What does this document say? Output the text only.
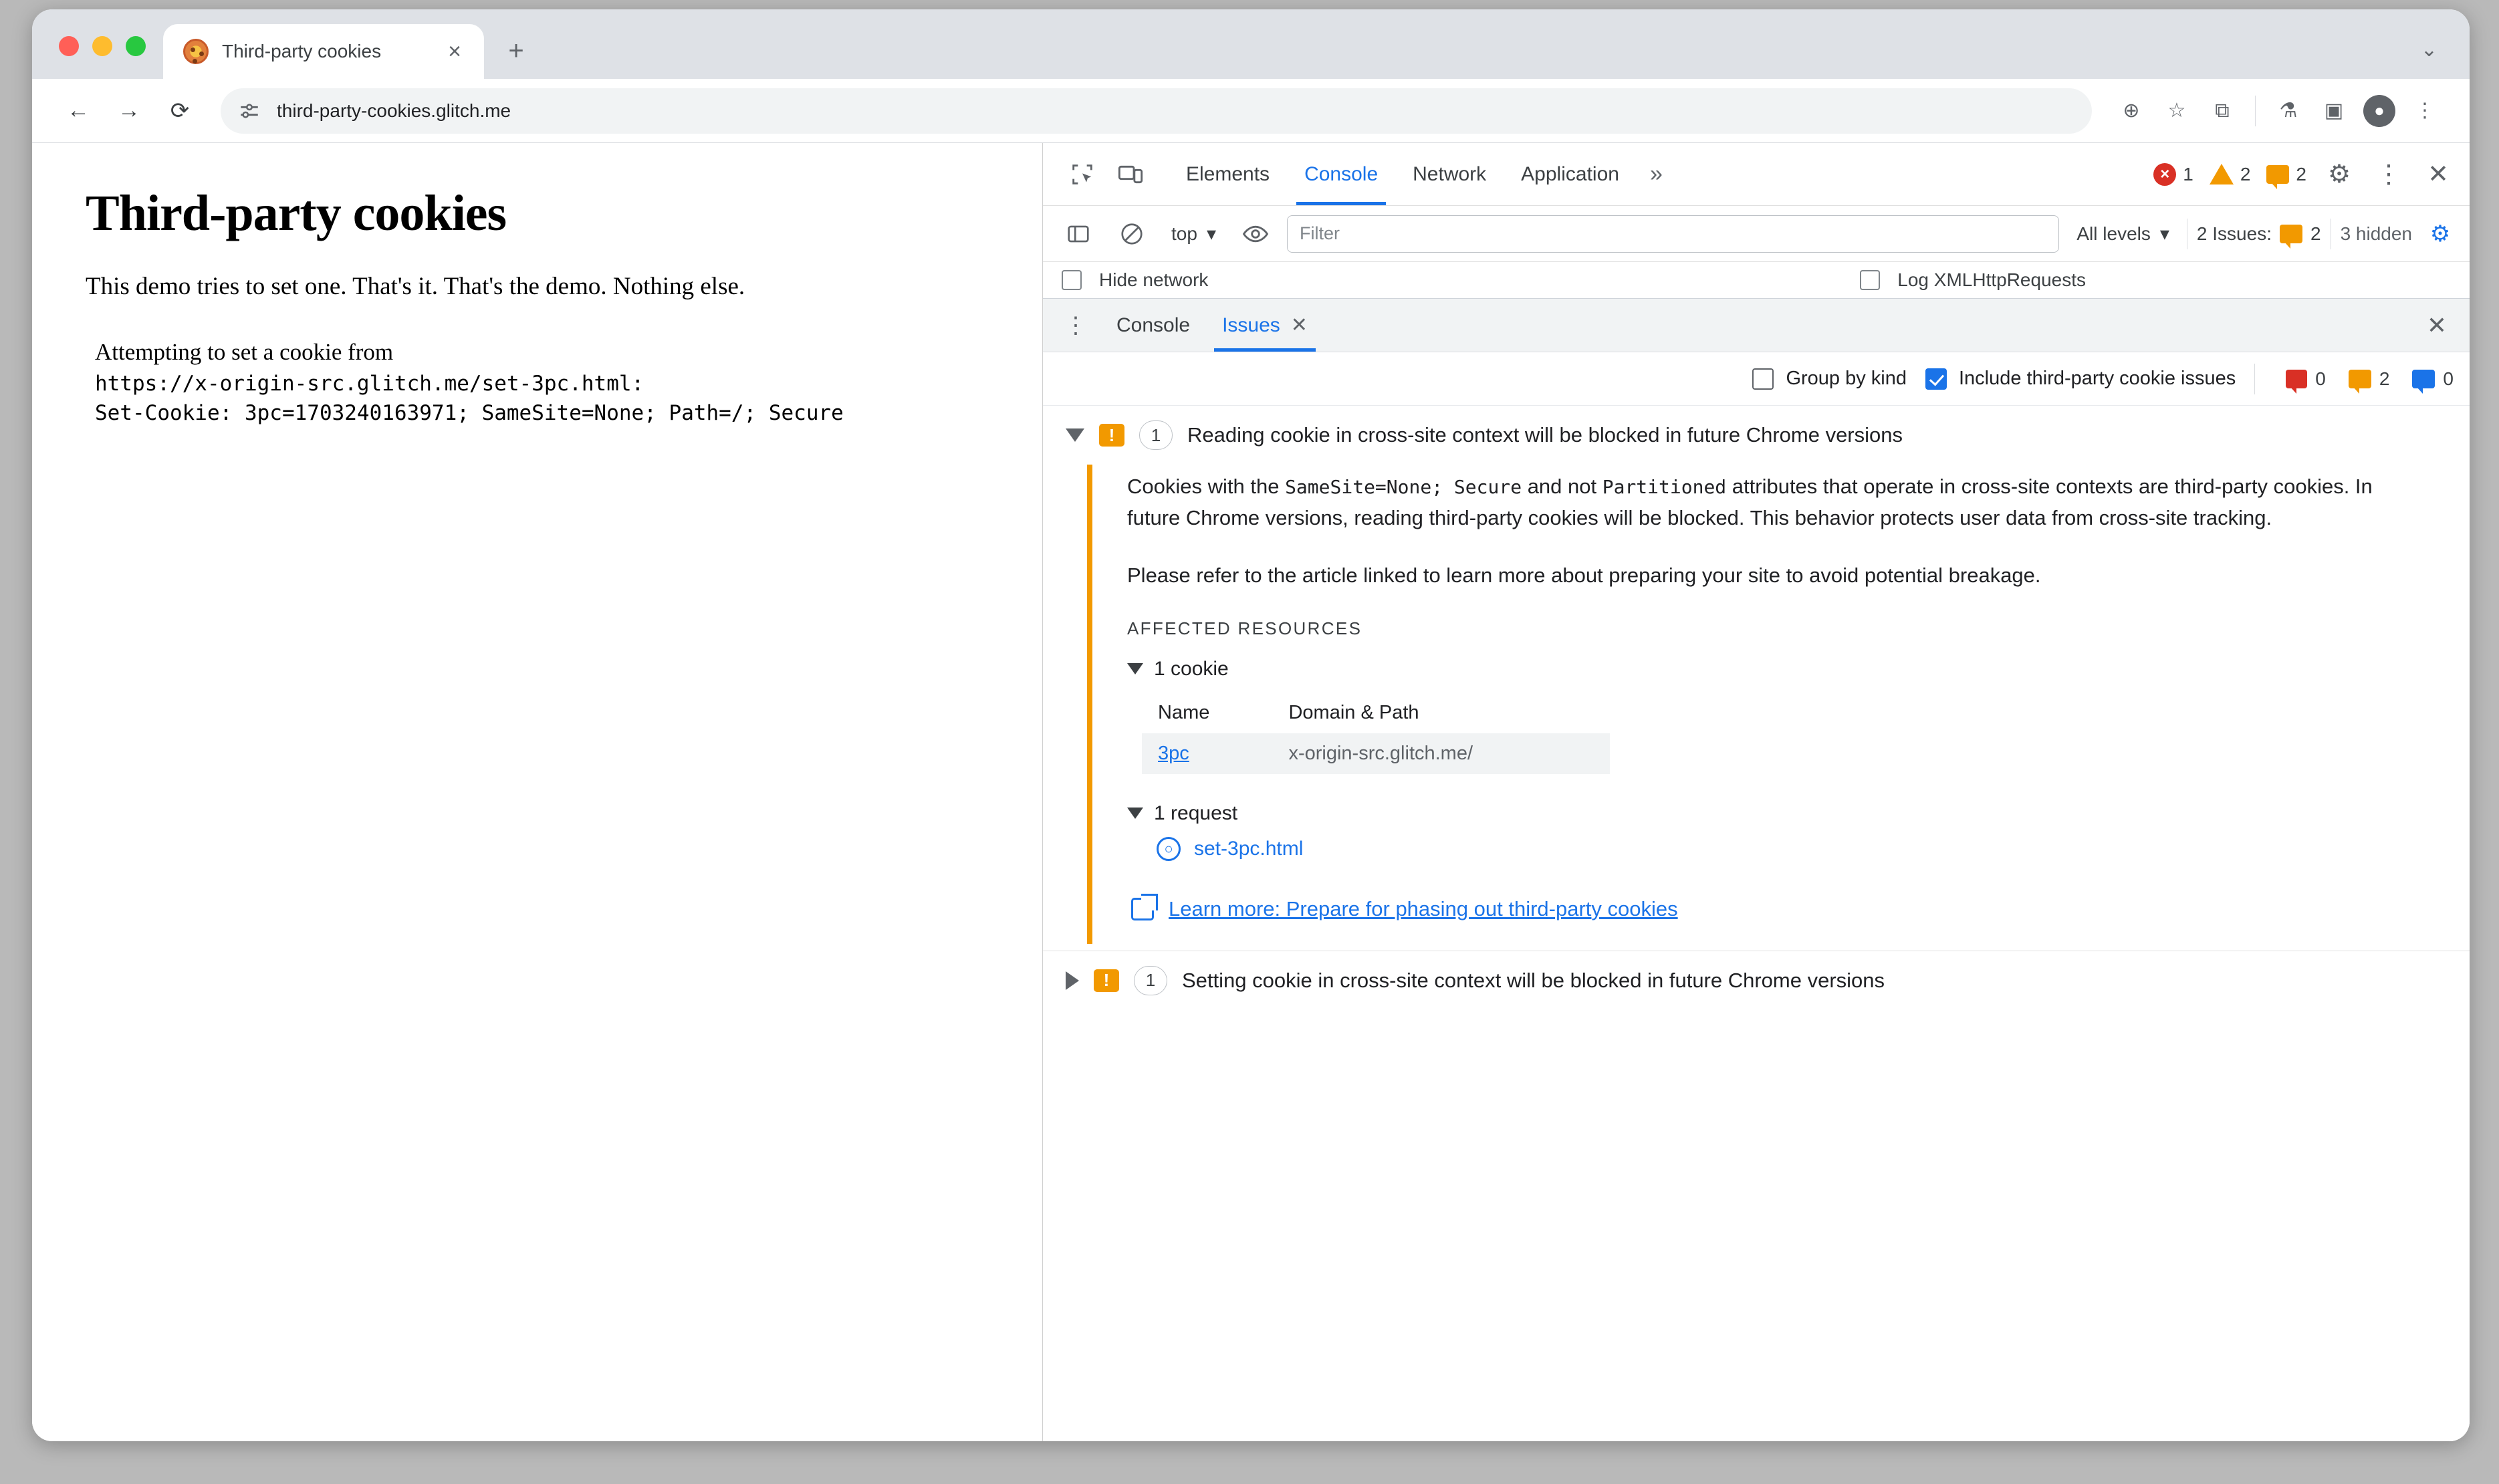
Third-party cookies	×	+	⌄
←	→	⟳	third-party-cookies.glitch.me	⊕	☆	⧉	⚗	▣	●	⋮
Third-party cookies

This demo tries to set one. That's it. That's the demo. Nothing else.

Attempting to set a cookie from
https://x-origin-src.glitch.me/set-3pc.html:
Set-Cookie: 3pc=1703240163971; SameSite=None; Path=/; Secure
Elements	Console	Network	Application	»	× 1	2 2 ⚙ ⋮	✕
top ▾	Filter	All levels ▾ 2 Issues: 2 3 hidden ⚙
Hide network	Log XMLHttpRequests
⋮	Console Issues ✕	✕
Group by kind	Include third-party cookie issues	0	2	0
!
1	Reading cookie in cross-site context will be blocked in future Chrome versions

Cookies with the SameSite=None; Secure and not Partitioned attributes that operate in cross-site contexts are third-party cookies. In future Chrome versions, reading third-party cookies will be blocked. This behavior protects user data from cross-site tracking.

Please refer to the article linked to learn more about preparing your site to avoid potential breakage.

AFFECTED RESOURCES
1 cookie
Name	Domain & Path
3pc	x-origin-src.glitch.me/
1 request
○	set-3pc.html
Learn more: Prepare for phasing out third-party cookies
!
1	Setting cookie in cross-site context will be blocked in future Chrome versions
